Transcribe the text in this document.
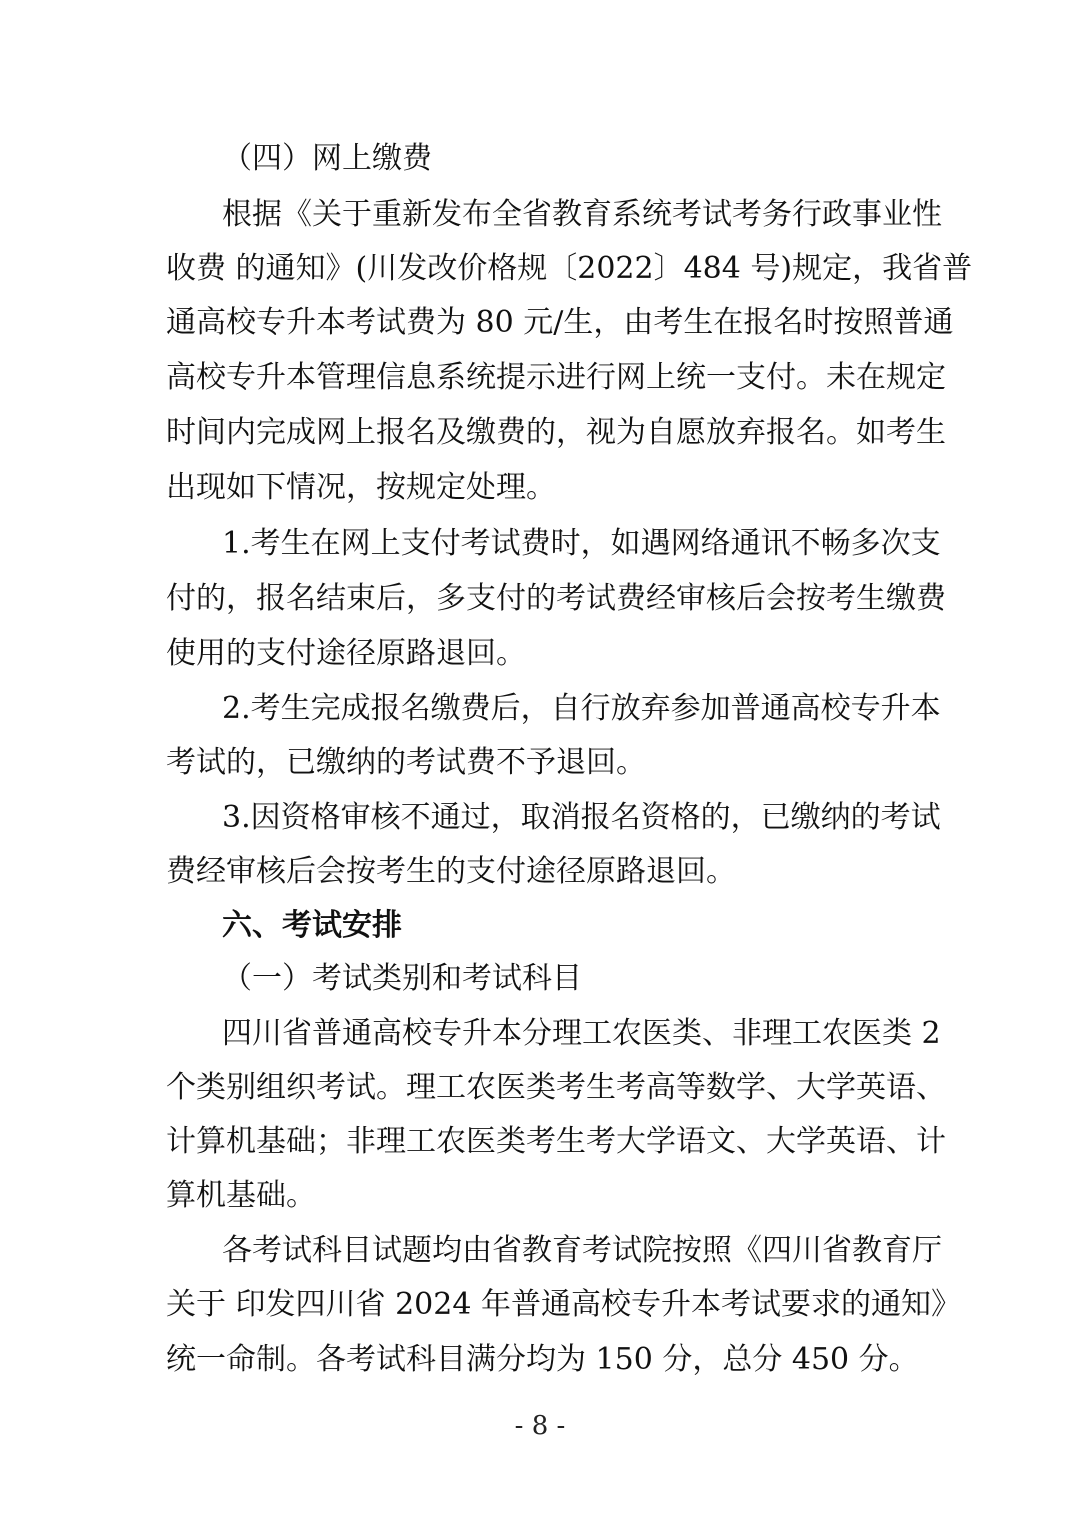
（四）网上缴费
根据《关于重新发布全省教育系统考试考务行政事业性
收费 的通知》(川发改价格规〔2022〕484 号)规定，我省普
通高校专升本考试费为 80 元/生，由考生在报名时按照普通
高校专升本管理信息系统提示进行网上统一支付。未在规定
时间内完成网上报名及缴费的，视为自愿放弃报名。如考生
出现如下情况，按规定处理。
1.考生在网上支付考试费时，如遇网络通讯不畅多次支
付的，报名结束后，多支付的考试费经审核后会按考生缴费
使用的支付途径原路退回。
2.考生完成报名缴费后，自行放弃参加普通高校专升本
考试的，已缴纳的考试费不予退回。
3.因资格审核不通过，取消报名资格的，已缴纳的考试
费经审核后会按考生的支付途径原路退回。
六、考试安排
（一）考试类别和考试科目
四川省普通高校专升本分理工农医类、非理工农医类 2
个类别组织考试。理工农医类考生考高等数学、大学英语、
计算机基础；非理工农医类考生考大学语文、大学英语、计
算机基础。
各考试科目试题均由省教育考试院按照《四川省教育厅
关于 印发四川省 2024 年普通高校专升本考试要求的通知》
统一命制。各考试科目满分均为 150 分，总分 450 分。
- 8 -
